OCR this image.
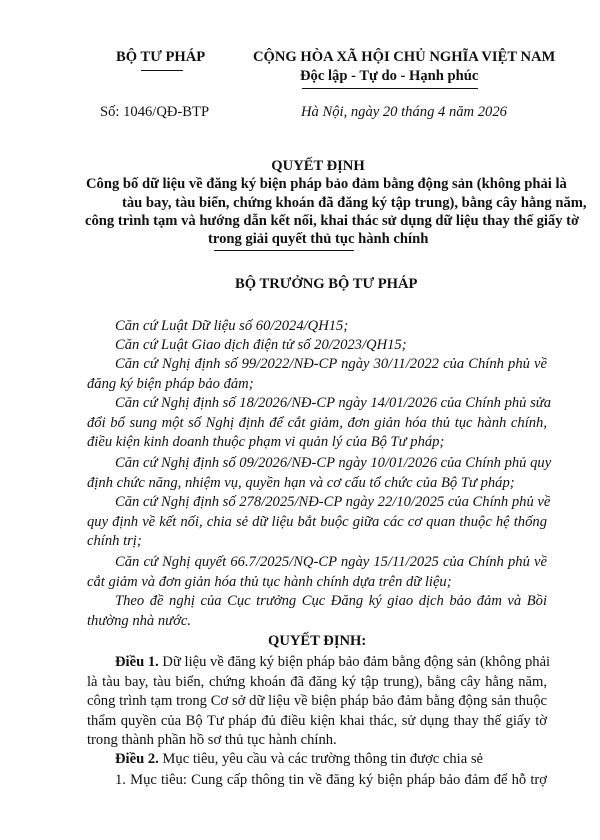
BỘ TƯ PHÁP	CỘNG HÒA XÃ HỘI CHỦ NGHĨA VIỆT NAM
Độc lập - Tự do - Hạnh phúc
Số: 1046/QĐ-BTP	Hà Nội, ngày 20 tháng 4 năm 2026
QUYẾT ĐỊNH
Công bố dữ liệu về đăng ký biện pháp bảo đảm bằng động sản (không phải là
tàu bay, tàu biển, chứng khoán đã đăng ký tập trung), bằng cây hằng năm,
công trình tạm và hướng dẫn kết nối, khai thác sử dụng dữ liệu thay thế giấy tờ
trong giải quyết thủ tục hành chính
BỘ TRƯỞNG BỘ TƯ PHÁP
Căn cứ Luật Dữ liệu số 60/2024/QH15;
Căn cứ Luật Giao dịch điện tử số 20/2023/QH15;
Căn cứ Nghị định số 99/2022/NĐ-CP ngày 30/11/2022 của Chính phủ về
đăng ký biện pháp bảo đảm;
Căn cứ Nghị định số 18/2026/NĐ-CP ngày 14/01/2026 của Chính phủ sửa
đổi bổ sung một số Nghị định để cắt giảm, đơn giản hóa thủ tục hành chính,
điều kiện kinh doanh thuộc phạm vi quản lý của Bộ Tư pháp;
Căn cứ Nghị định số 09/2026/NĐ-CP ngày 10/01/2026 của Chính phủ quy
định chức năng, nhiệm vụ, quyền hạn và cơ cấu tổ chức của Bộ Tư pháp;
Căn cứ Nghị định số 278/2025/NĐ-CP ngày 22/10/2025 của Chính phủ về
quy định về kết nối, chia sẻ dữ liệu bắt buộc giữa các cơ quan thuộc hệ thống
chính trị;
Căn cứ Nghị quyết 66.7/2025/NQ-CP ngày 15/11/2025 của Chính phủ về
cắt giảm và đơn giản hóa thủ tục hành chính dựa trên dữ liệu;
Theo đề nghị của Cục trưởng Cục Đăng ký giao dịch bảo đảm và Bồi
thường nhà nước.
QUYẾT ĐỊNH:
Điều 1. Dữ liệu về đăng ký biện pháp bảo đảm bằng động sản (không phải
là tàu bay, tàu biển, chứng khoán đã đăng ký tập trung), bằng cây hằng năm,
công trình tạm trong Cơ sở dữ liệu về biện pháp bảo đảm bằng động sản thuộc
thẩm quyền của Bộ Tư pháp đủ điều kiện khai thác, sử dụng thay thế giấy tờ
trong thành phần hồ sơ thủ tục hành chính.
Điều 2. Mục tiêu, yêu cầu và các trường thông tin được chia sẻ
1. Mục tiêu: Cung cấp thông tin về đăng ký biện pháp bảo đảm để hỗ trợ
